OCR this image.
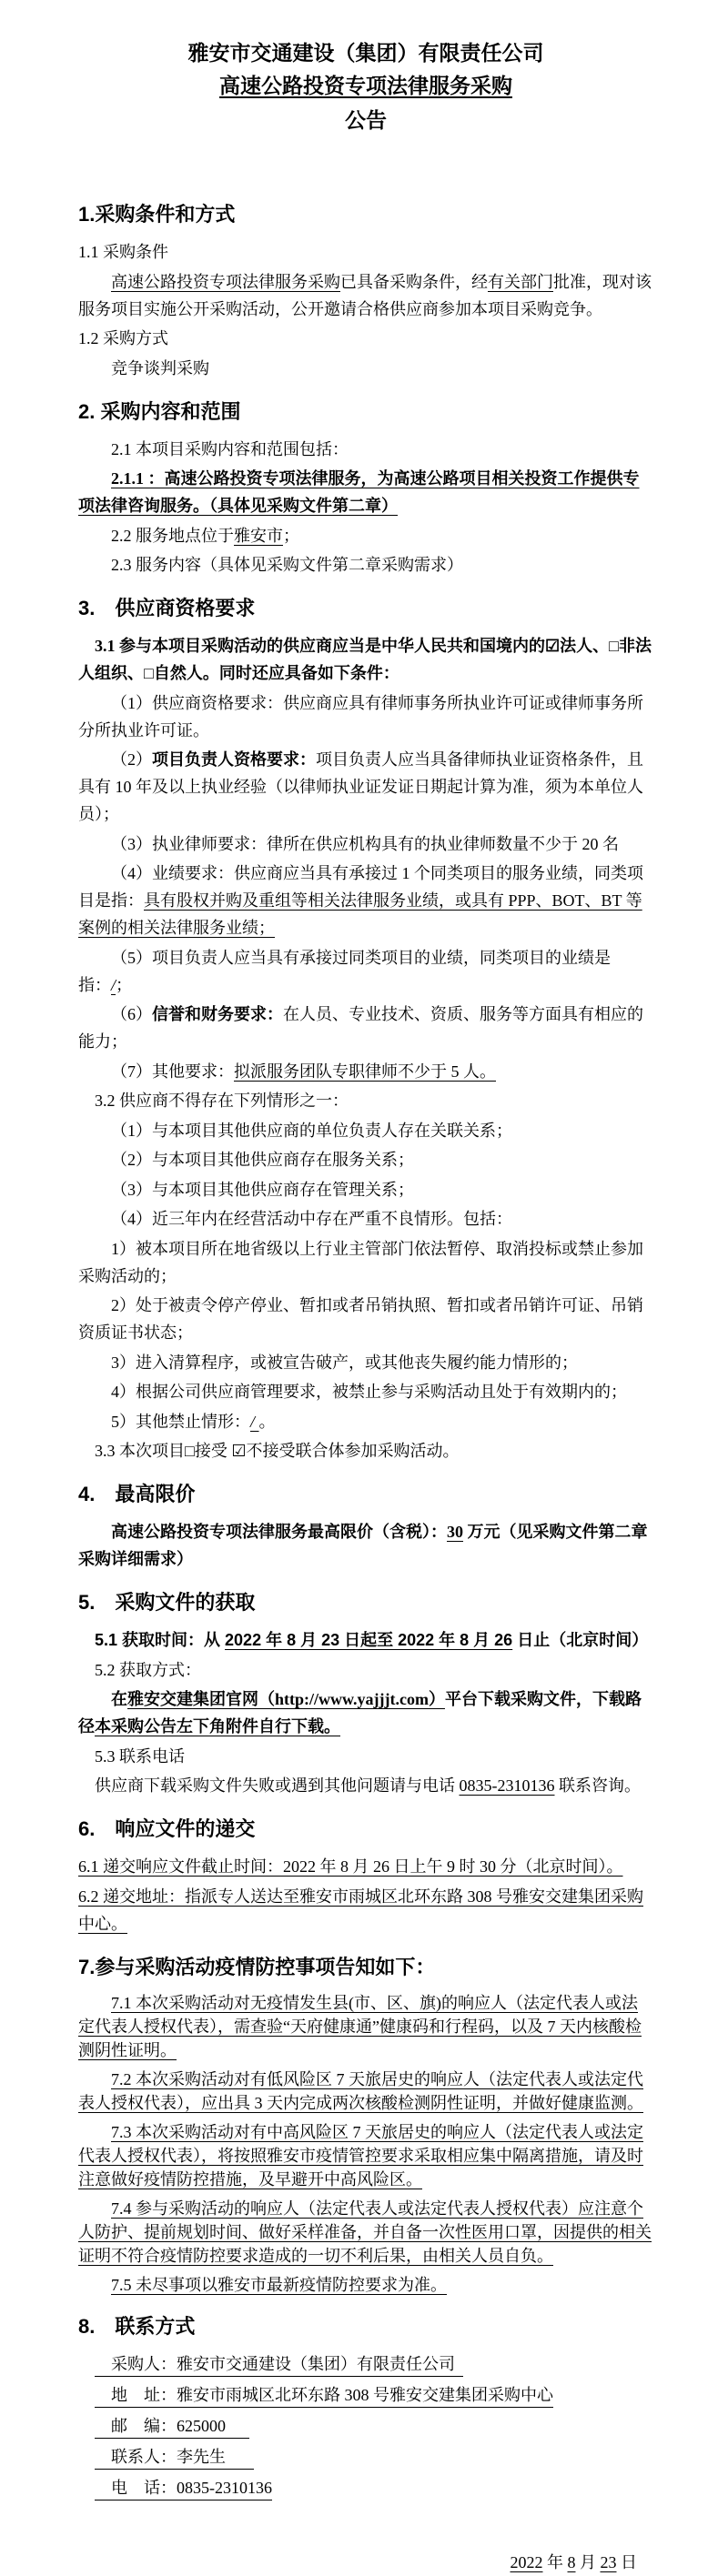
雅安市交通建设（集团）有限责任公司
高速公路投资专项法律服务采购
公告
1.采购条件和方式

1.1 采购条件

高速公路投资专项法律服务采购已具备采购条件，经有关部门批准，现对该服务项目实施公开采购活动，公开邀请合格供应商参加本项目采购竞争。

1.2 采购方式

竞争谈判采购

2. 采购内容和范围

2.1 本项目采购内容和范围包括：

2.1.1 ：高速公路投资专项法律服务，为高速公路项目相关投资工作提供专项法律咨询服务。（具体见采购文件第二章）

2.2 服务地点位于雅安市；

2.3 服务内容（具体见采购文件第二章采购需求）

3.　供应商资格要求

3.1 参与本项目采购活动的供应商应当是中华人民共和国境内的☑法人、□非法人组织、□自然人。同时还应具备如下条件：

（1）供应商资格要求：供应商应具有律师事务所执业许可证或律师事务所分所执业许可证。

（2）项目负责人资格要求：项目负责人应当具备律师执业证资格条件，且具有 10 年及以上执业经验（以律师执业证发证日期起计算为准，须为本单位人员）；

（3）执业律师要求：律所在供应机构具有的执业律师数量不少于 20 名

（4）业绩要求：供应商应当具有承接过 1 个同类项目的服务业绩，同类项目是指：具有股权并购及重组等相关法律服务业绩，或具有 PPP、BOT、BT 等案例的相关法律服务业绩；

（5）项目负责人应当具有承接过同类项目的业绩，同类项目的业绩是指：/；

（6）信誉和财务要求：在人员、专业技术、资质、服务等方面具有相应的能力；

（7）其他要求：拟派服务团队专职律师不少于 5 人。

3.2 供应商不得存在下列情形之一：

（1）与本项目其他供应商的单位负责人存在关联关系；

（2）与本项目其他供应商存在服务关系；

（3）与本项目其他供应商存在管理关系；

（4）近三年内在经营活动中存在严重不良情形。包括：

1）被本项目所在地省级以上行业主管部门依法暂停、取消投标或禁止参加采购活动的；

2）处于被责令停产停业、暂扣或者吊销执照、暂扣或者吊销许可证、吊销资质证书状态；

3）进入清算程序，或被宣告破产，或其他丧失履约能力情形的；

4）根据公司供应商管理要求，被禁止参与采购活动且处于有效期内的；

5）其他禁止情形：/ 。

3.3 本次项目□接受 ☑不接受联合体参加采购活动。

4.　最高限价

高速公路投资专项法律服务最高限价（含税）：30 万元（见采购文件第二章采购详细需求）

5.　采购文件的获取

5.1 获取时间：从 2022 年 8 月 23 日起至 2022 年 8 月 26 日止（北京时间）

5.2 获取方式：

在雅安交建集团官网（http://www.yajjjt.com）平台下载采购文件，下载路径本采购公告左下角附件自行下载。

5.3 联系电话

供应商下载采购文件失败或遇到其他问题请与电话 0835-2310136 联系咨询。

6.　响应文件的递交

6.1 递交响应文件截止时间：2022 年 8 月 26 日上午 9 时 30 分（北京时间）。

6.2 递交地址：指派专人送达至雅安市雨城区北环东路 308 号雅安交建集团采购中心。

7.参与采购活动疫情防控事项告知如下：

7.1 本次采购活动对无疫情发生县(市、区、旗)的响应人（法定代表人或法定代表人授权代表），需查验“天府健康通”健康码和行程码，以及 7 天内核酸检测阴性证明。

7.2 本次采购活动对有低风险区 7 天旅居史的响应人（法定代表人或法定代表人授权代表），应出具 3 天内完成两次核酸检测阴性证明，并做好健康监测。

7.3 本次采购活动对有中高风险区 7 天旅居史的响应人（法定代表人或法定代表人授权代表），将按照雅安市疫情管控要求采取相应集中隔离措施，请及时注意做好疫情防控措施，及早避开中高风险区。

7.4 参与采购活动的响应人（法定代表人或法定代表人授权代表）应注意个人防护、提前规划时间、做好采样准备，并自备一次性医用口罩，因提供的相关证明不符合疫情防控要求造成的一切不利后果，由相关人员自负。

7.5 未尽事项以雅安市最新疫情防控要求为准。

8.　联系方式

采购人：雅安市交通建设（集团）有限责任公司

地　址：雅安市雨城区北环东路 308 号雅安交建集团采购中心

邮　编：625000

联系人：李先生

电　话：0835-2310136

2022 年 8 月 23 日
